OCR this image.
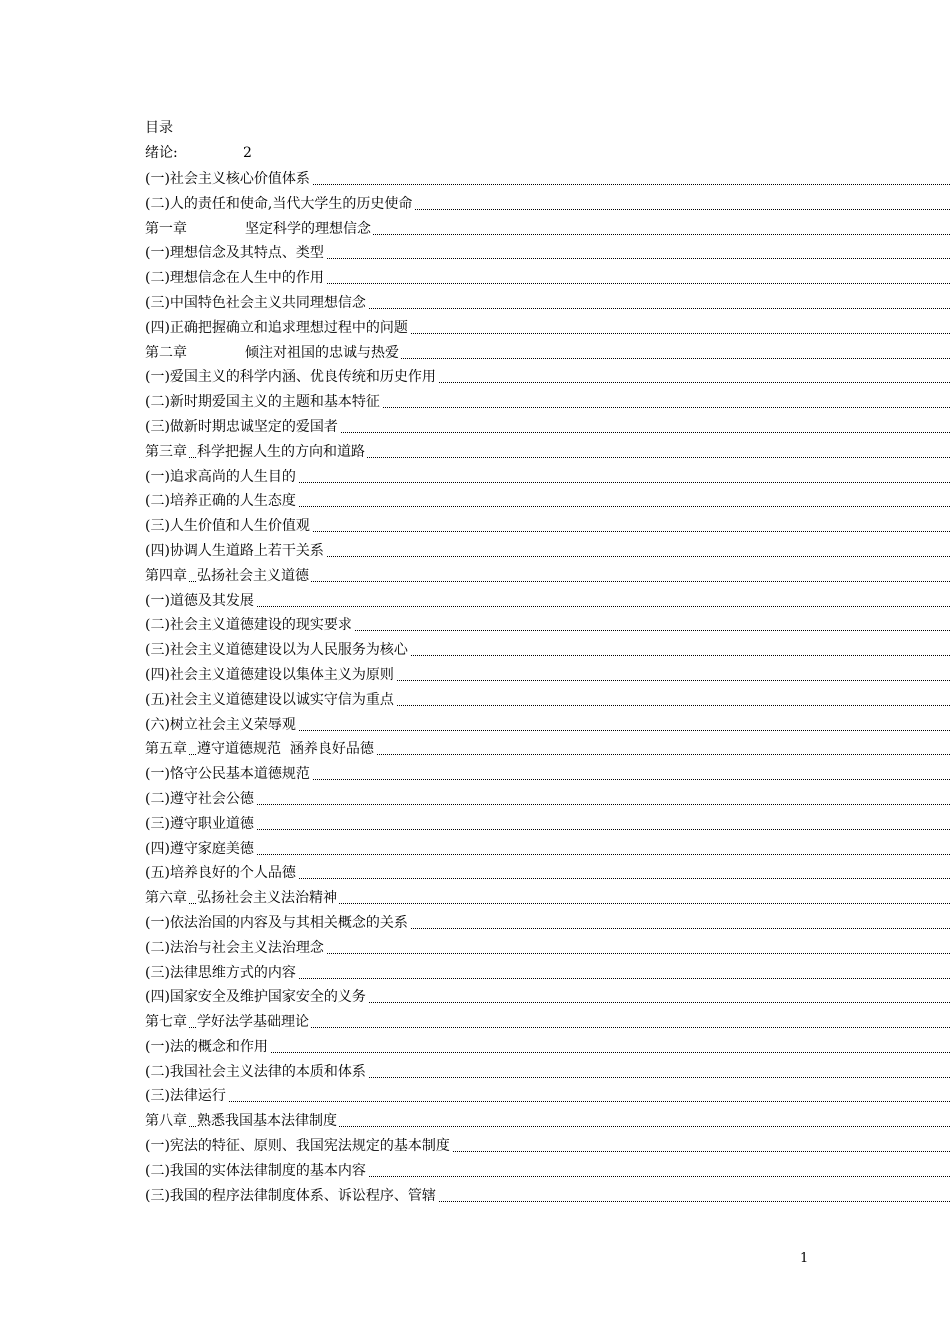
目录
绪论:	2
(一)社会主义核心价值体系
(二)人的责任和使命,当代大学生的历史使命
第一章	坚定科学的理想信念
(一)理想信念及其特点、类型
(二)理想信念在人生中的作用
(三)中国特色社会主义共同理想信念
(四)正确把握确立和追求理想过程中的问题
第二章	倾注对祖国的忠诚与热爱
(一)爱国主义的科学内涵、优良传统和历史作用
(二)新时期爱国主义的主题和基本特征
(三)做新时期忠诚坚定的爱国者
第三章 科学把握人生的方向和道路
(一)追求高尚的人生目的
(二)培养正确的人生态度
(三)人生价值和人生价值观
(四)协调人生道路上若干关系
第四章 弘扬社会主义道德
(一)道德及其发展
(二)社会主义道德建设的现实要求
(三)社会主义道德建设以为人民服务为核心
(四)社会主义道德建设以集体主义为原则
(五)社会主义道德建设以诚实守信为重点
(六)树立社会主义荣辱观
第五章 遵守道德规范  涵养良好品德
(一)恪守公民基本道德规范
(二)遵守社会公德
(三)遵守职业道德
(四)遵守家庭美德
(五)培养良好的个人品德
第六章 弘扬社会主义法治精神
(一)依法治国的内容及与其相关概念的关系
(二)法治与社会主义法治理念
(三)法律思维方式的内容
(四)国家安全及维护国家安全的义务
第七章 学好法学基础理论
(一)法的概念和作用
(二)我国社会主义法律的本质和体系
(三)法律运行
第八章 熟悉我国基本法律制度
(一)宪法的特征、原则、我国宪法规定的基本制度
(二)我国的实体法律制度的基本内容
(三)我国的程序法律制度体系、诉讼程序、管辖
1
